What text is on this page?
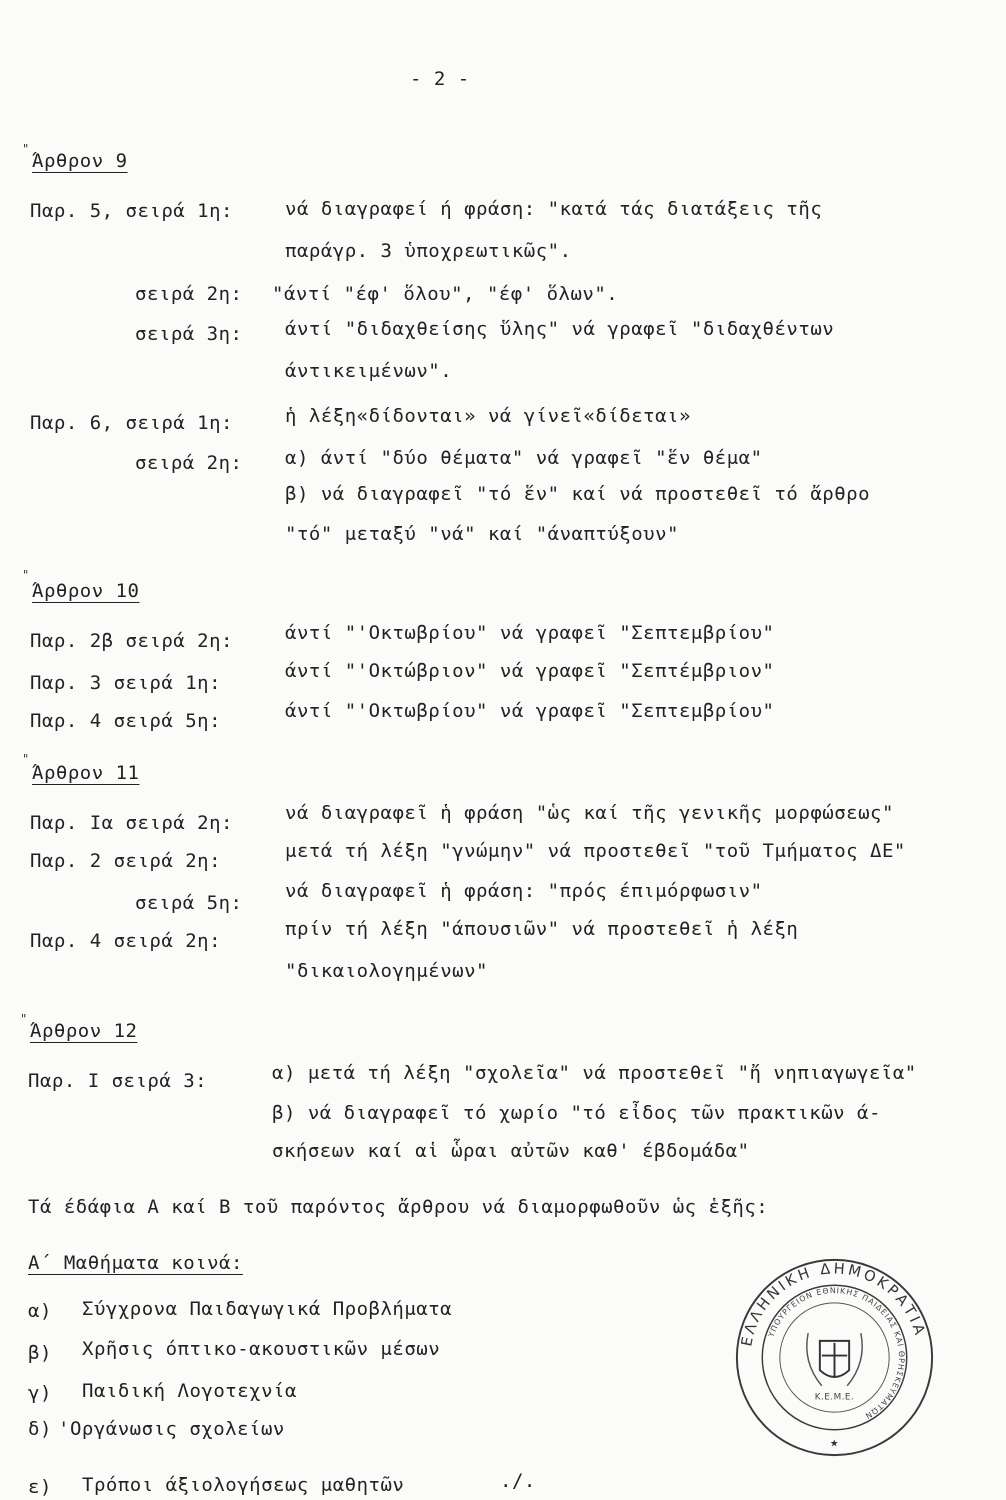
- 2 -
"
Άρθρον 9
Παρ. 5, σειρά 1η:	νά διαγραφεί ή φράση: "κατά τάς διατάξεις τῆς
παράγρ. 3 ὑποχρεωτικῶς".
σειρά 2η: "άντί "έφ' ὅλου", "έφ' ὅλων".
σειρά 3η: άντί "διδαχθείσης ὕλης" νά γραφεῖ "διδαχθέντων
άντικειμένων".
Παρ. 6, σειρά 1η:	ἡ λέξη«δίδονται» νά γίνεῖ«δίδεται»
σειρά 2η: α) άντί "δύο θέματα" νά γραφεῖ "ἕν θέμα"
β) νά διαγραφεῖ "τό ἕν" καί νά προστεθεῖ τό ἄρθρο
"τό" μεταξύ "νά" καί "άναπτύξουν"
"
Άρθρον 10
Παρ. 2β σειρά 2η:	άντί "'Οκτωβρίου" νά γραφεῖ "Σεπτεμβρίου"
Παρ. 3 σειρά 1η:
άντί "'Οκτώβριον" νά γραφεῖ "Σεπτέμβριον"
Παρ. 4 σειρά 5η:	άντί "'Οκτωβρίου" νά γραφεῖ "Σεπτεμβρίου"
"
Άρθρον 11
Παρ. Ια σειρά 2η:	νά διαγραφεῖ ἡ φράση "ὡς καί τῆς γενικῆς μορφώσεως"
Παρ. 2 σειρά 2η:	μετά τή λέξη "γνώμην" νά προστεθεῖ "τοῦ Τμήματος ΔΕ"
σειρά 5η:
νά διαγραφεῖ ἡ φράση: "πρός έπιμόρφωσιν"
Παρ. 4 σειρά 2η:
πρίν τή λέξη "άπουσιῶν" νά προστεθεῖ ἡ λέξη
"δικαιολογημένων"
"
Άρθρον 12
Παρ. Ι σειρά 3:	α) μετά τή λέξη "σχολεῖα" νά προστεθεῖ "ἤ νηπιαγωγεῖα"
β) νά διαγραφεῖ τό χωρίο "τό εἶδος τῶν πρακτικῶν ά-
σκήσεων καί αἱ ὧραι αὐτῶν καθ' έβδομάδα"
Τά έδάφια Α καί Β τοῦ παρόντος ἄρθρου νά διαμορφωθοῦν ὡς ἑξῆς:
Α΄ Μαθήματα κοινά:
α) Σύγχρονα Παιδαγωγικά Προβλήματα
β) Χρῆσις όπτικο-ακουστικῶν μέσων
γ) Παιδική Λογοτεχνία
δ) 'Οργάνωσις σχολείων
ε) Τρόποι άξιολογήσεως μαθητῶν	./.
ΕΛΛΗΝΙΚΗ ΔΗΜΟΚΡΑΤΙΑ
ΥΠΟΥΡΓΕΙΟΝ ΕΘΝΙΚΗΣ ΠΑΙΔΕΙΑΣ ΚΑΙ ΘΡΗΣΚΕΥΜΑΤΩΝ
Κ.Ε.Μ.Ε.
★
